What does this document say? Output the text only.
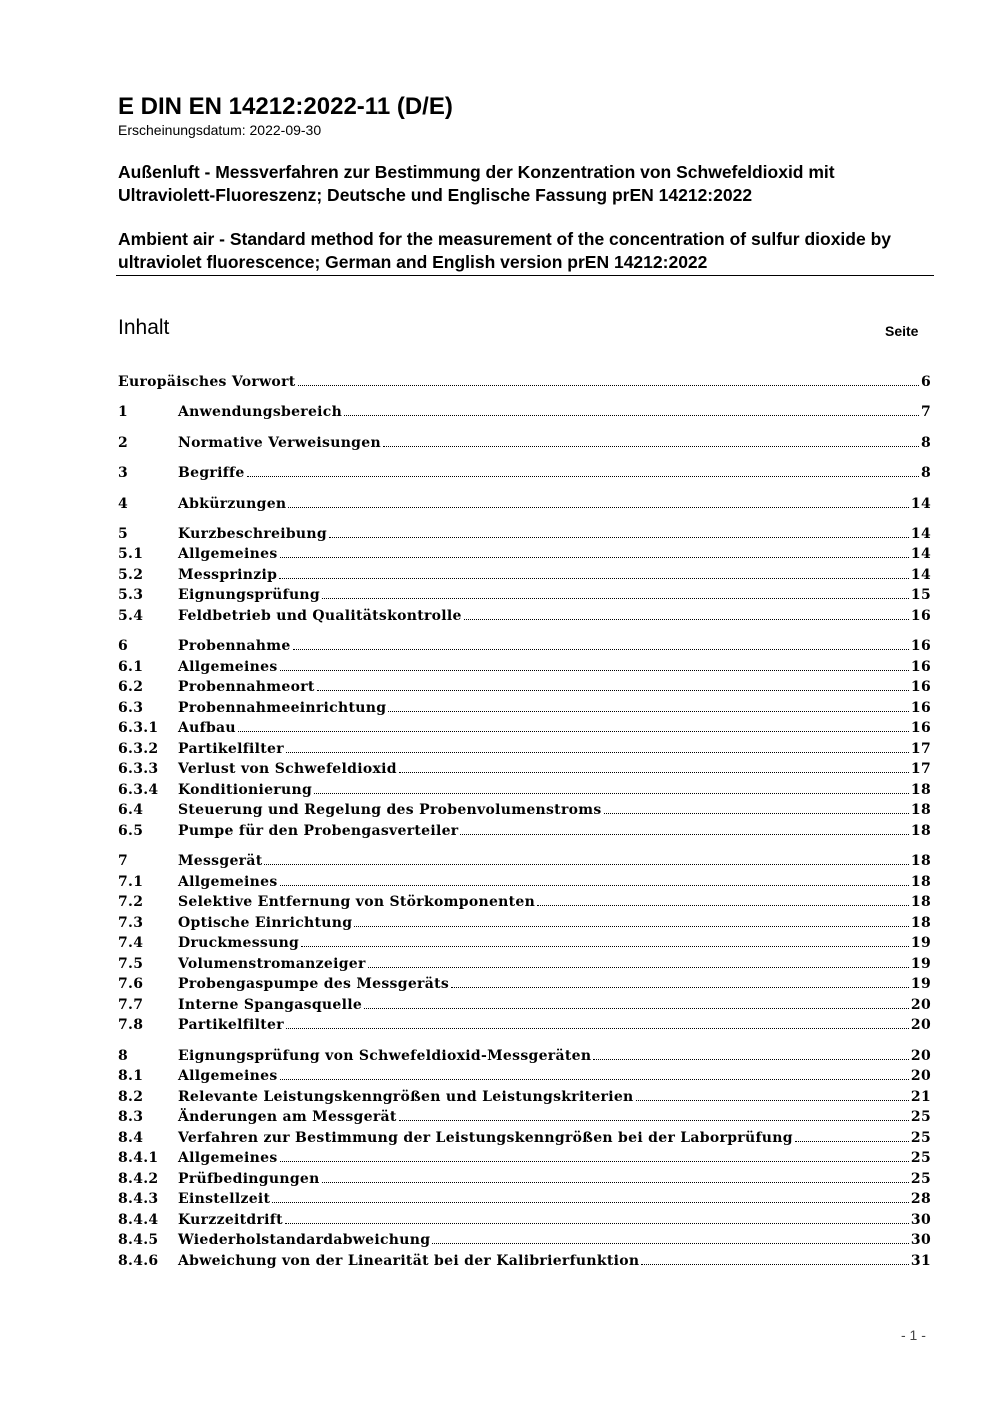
E DIN EN 14212:2022-11 (D/E)
Erscheinungsdatum: 2022-09-30
Außenluft - Messverfahren zur Bestimmung der Konzentration von Schwefeldioxid mit Ultraviolett-Fluoreszenz; Deutsche und Englische Fassung prEN 14212:2022
Ambient air - Standard method for the measurement of the concentration of sulfur dioxide by ultraviolet fluorescence; German and English version prEN 14212:2022
Inhalt	Seite
Europäisches Vorwort	6
1	Anwendungsbereich	7
2	Normative Verweisungen	8
3	Begriffe	8
4	Abkürzungen	14
5	Kurzbeschreibung	14
5.1	Allgemeines	14
5.2	Messprinzip	14
5.3	Eignungsprüfung	15
5.4	Feldbetrieb und Qualitätskontrolle	16
6	Probennahme	16
6.1	Allgemeines	16
6.2	Probennahmeort	16
6.3	Probennahmeeinrichtung	16
6.3.1	Aufbau	16
6.3.2	Partikelfilter	17
6.3.3	Verlust von Schwefeldioxid	17
6.3.4	Konditionierung	18
6.4	Steuerung und Regelung des Probenvolumenstroms	18
6.5	Pumpe für den Probengasverteiler	18
7	Messgerät	18
7.1	Allgemeines	18
7.2	Selektive Entfernung von Störkomponenten	18
7.3	Optische Einrichtung	18
7.4	Druckmessung	19
7.5	Volumenstromanzeiger	19
7.6	Probengaspumpe des Messgeräts	19
7.7	Interne Spangasquelle	20
7.8	Partikelfilter	20
8	Eignungsprüfung von Schwefeldioxid-Messgeräten	20
8.1	Allgemeines	20
8.2	Relevante Leistungskenngrößen und Leistungskriterien	21
8.3	Änderungen am Messgerät	25
8.4	Verfahren zur Bestimmung der Leistungskenngrößen bei der Laborprüfung	25
8.4.1	Allgemeines	25
8.4.2	Prüfbedingungen	25
8.4.3	Einstellzeit	28
8.4.4	Kurzzeitdrift	30
8.4.5	Wiederholstandardabweichung	30
8.4.6	Abweichung von der Linearität bei der Kalibrierfunktion	31
- 1 -
